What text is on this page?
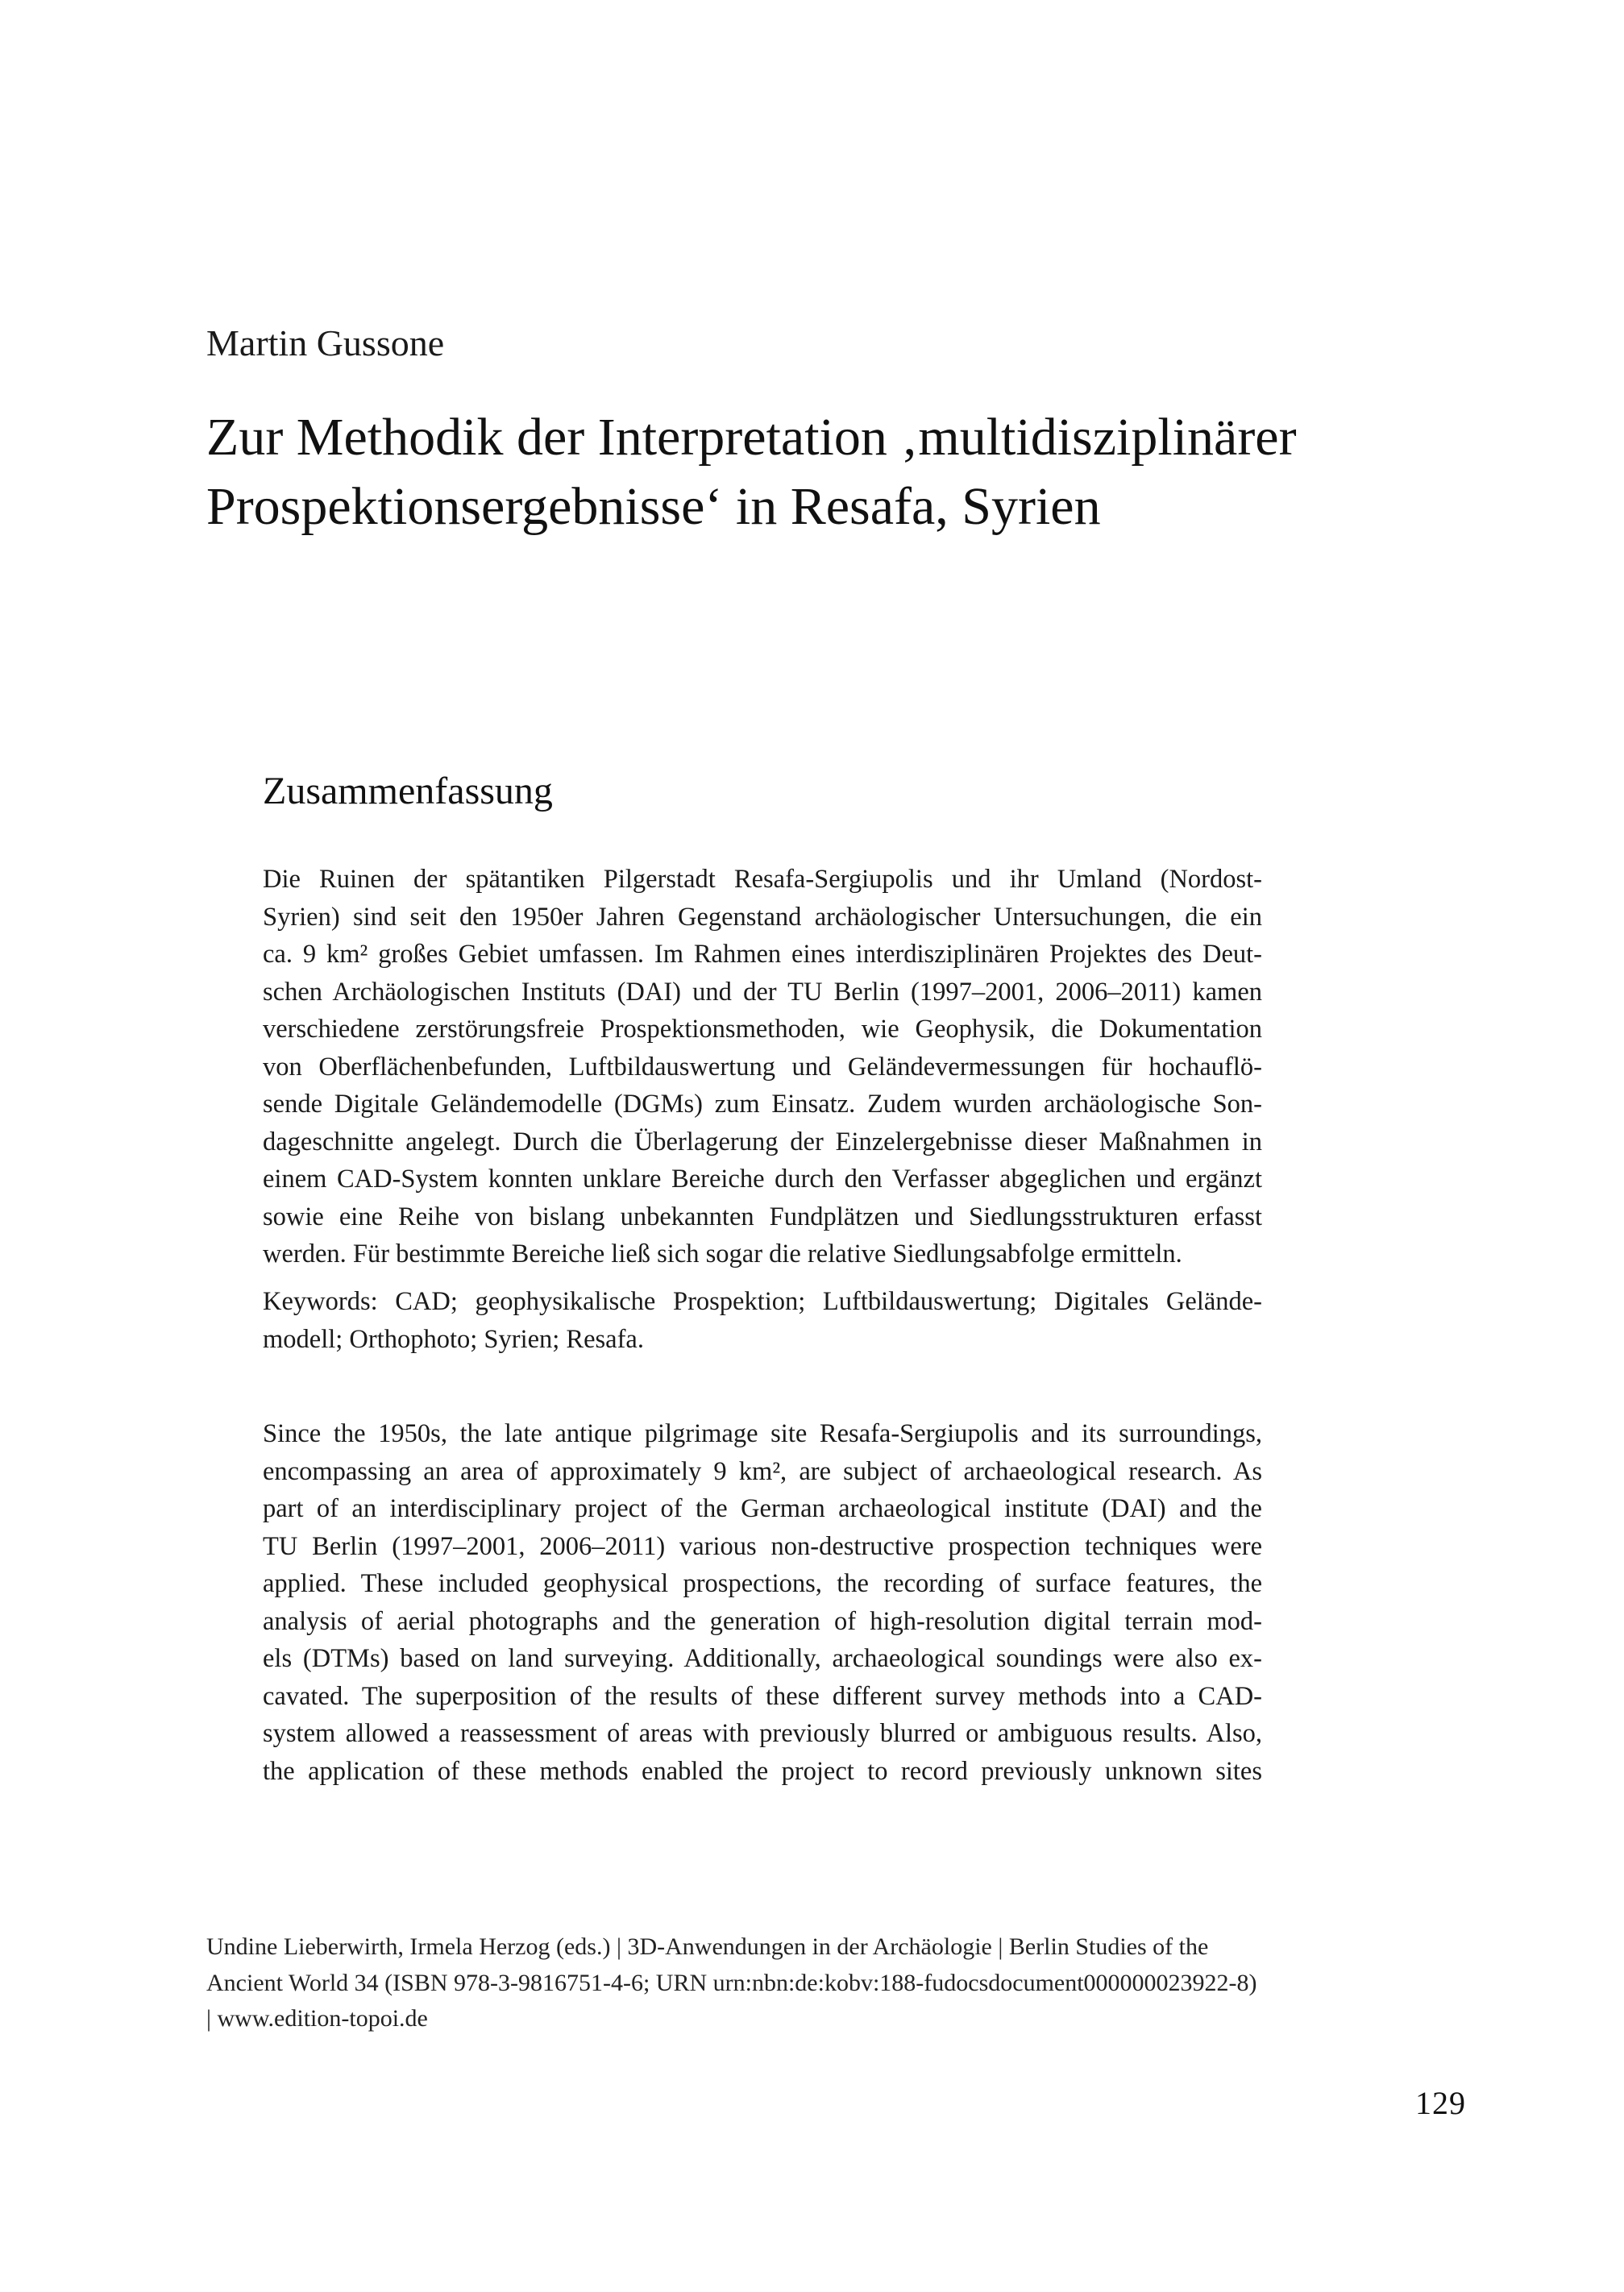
Martin Gussone
Zur Methodik der Interpretation ‚multidisziplinärer
Prospektionsergebnisse‘ in Resafa, Syrien
Zusammenfassung

Die Ruinen der spätantiken Pilgerstadt Resafa-Sergiupolis und ihr Umland (Nordost-
Syrien) sind seit den 1950er Jahren Gegenstand archäologischer Untersuchungen, die ein
ca. 9 km² großes Gebiet umfassen. Im Rahmen eines interdisziplinären Projektes des Deut-
schen Archäologischen Instituts (DAI) und der TU Berlin (1997–2001, 2006–2011) kamen
verschiedene zerstörungsfreie Prospektionsmethoden, wie Geophysik, die Dokumentation
von Oberflächenbefunden, Luftbildauswertung und Geländevermessungen für hochauflö-
sende Digitale Geländemodelle (DGMs) zum Einsatz. Zudem wurden archäologische Son-
dageschnitte angelegt. Durch die Überlagerung der Einzelergebnisse dieser Maßnahmen in
einem CAD-System konnten unklare Bereiche durch den Verfasser abgeglichen und ergänzt
sowie eine Reihe von bislang unbekannten Fundplätzen und Siedlungsstrukturen erfasst
werden. Für bestimmte Bereiche ließ sich sogar die relative Siedlungsabfolge ermitteln.

Keywords: CAD; geophysikalische Prospektion; Luftbildauswertung; Digitales Gelände-
modell; Orthophoto; Syrien; Resafa.

Since the 1950s, the late antique pilgrimage site Resafa-Sergiupolis and its surroundings,
encompassing an area of approximately 9 km², are subject of archaeological research. As
part of an interdisciplinary project of the German archaeological institute (DAI) and the
TU Berlin (1997–2001, 2006–2011) various non-destructive prospection techniques were
applied. These included geophysical prospections, the recording of surface features, the
analysis of aerial photographs and the generation of high-resolution digital terrain mod-
els (DTMs) based on land surveying. Additionally, archaeological soundings were also ex-
cavated. The superposition of the results of these different survey methods into a CAD-
system allowed a reassessment of areas with previously blurred or ambiguous results. Also,
the application of these methods enabled the project to record previously unknown sites

Undine Lieberwirth, Irmela Herzog (eds.) | 3D-Anwendungen in der Archäologie | Berlin Studies of the
Ancient World 34 (ISBN 978-3-9816751-4-6; URN urn:nbn:de:kobv:188-fudocsdocument000000023922-8)
| www.edition-topoi.de
129
